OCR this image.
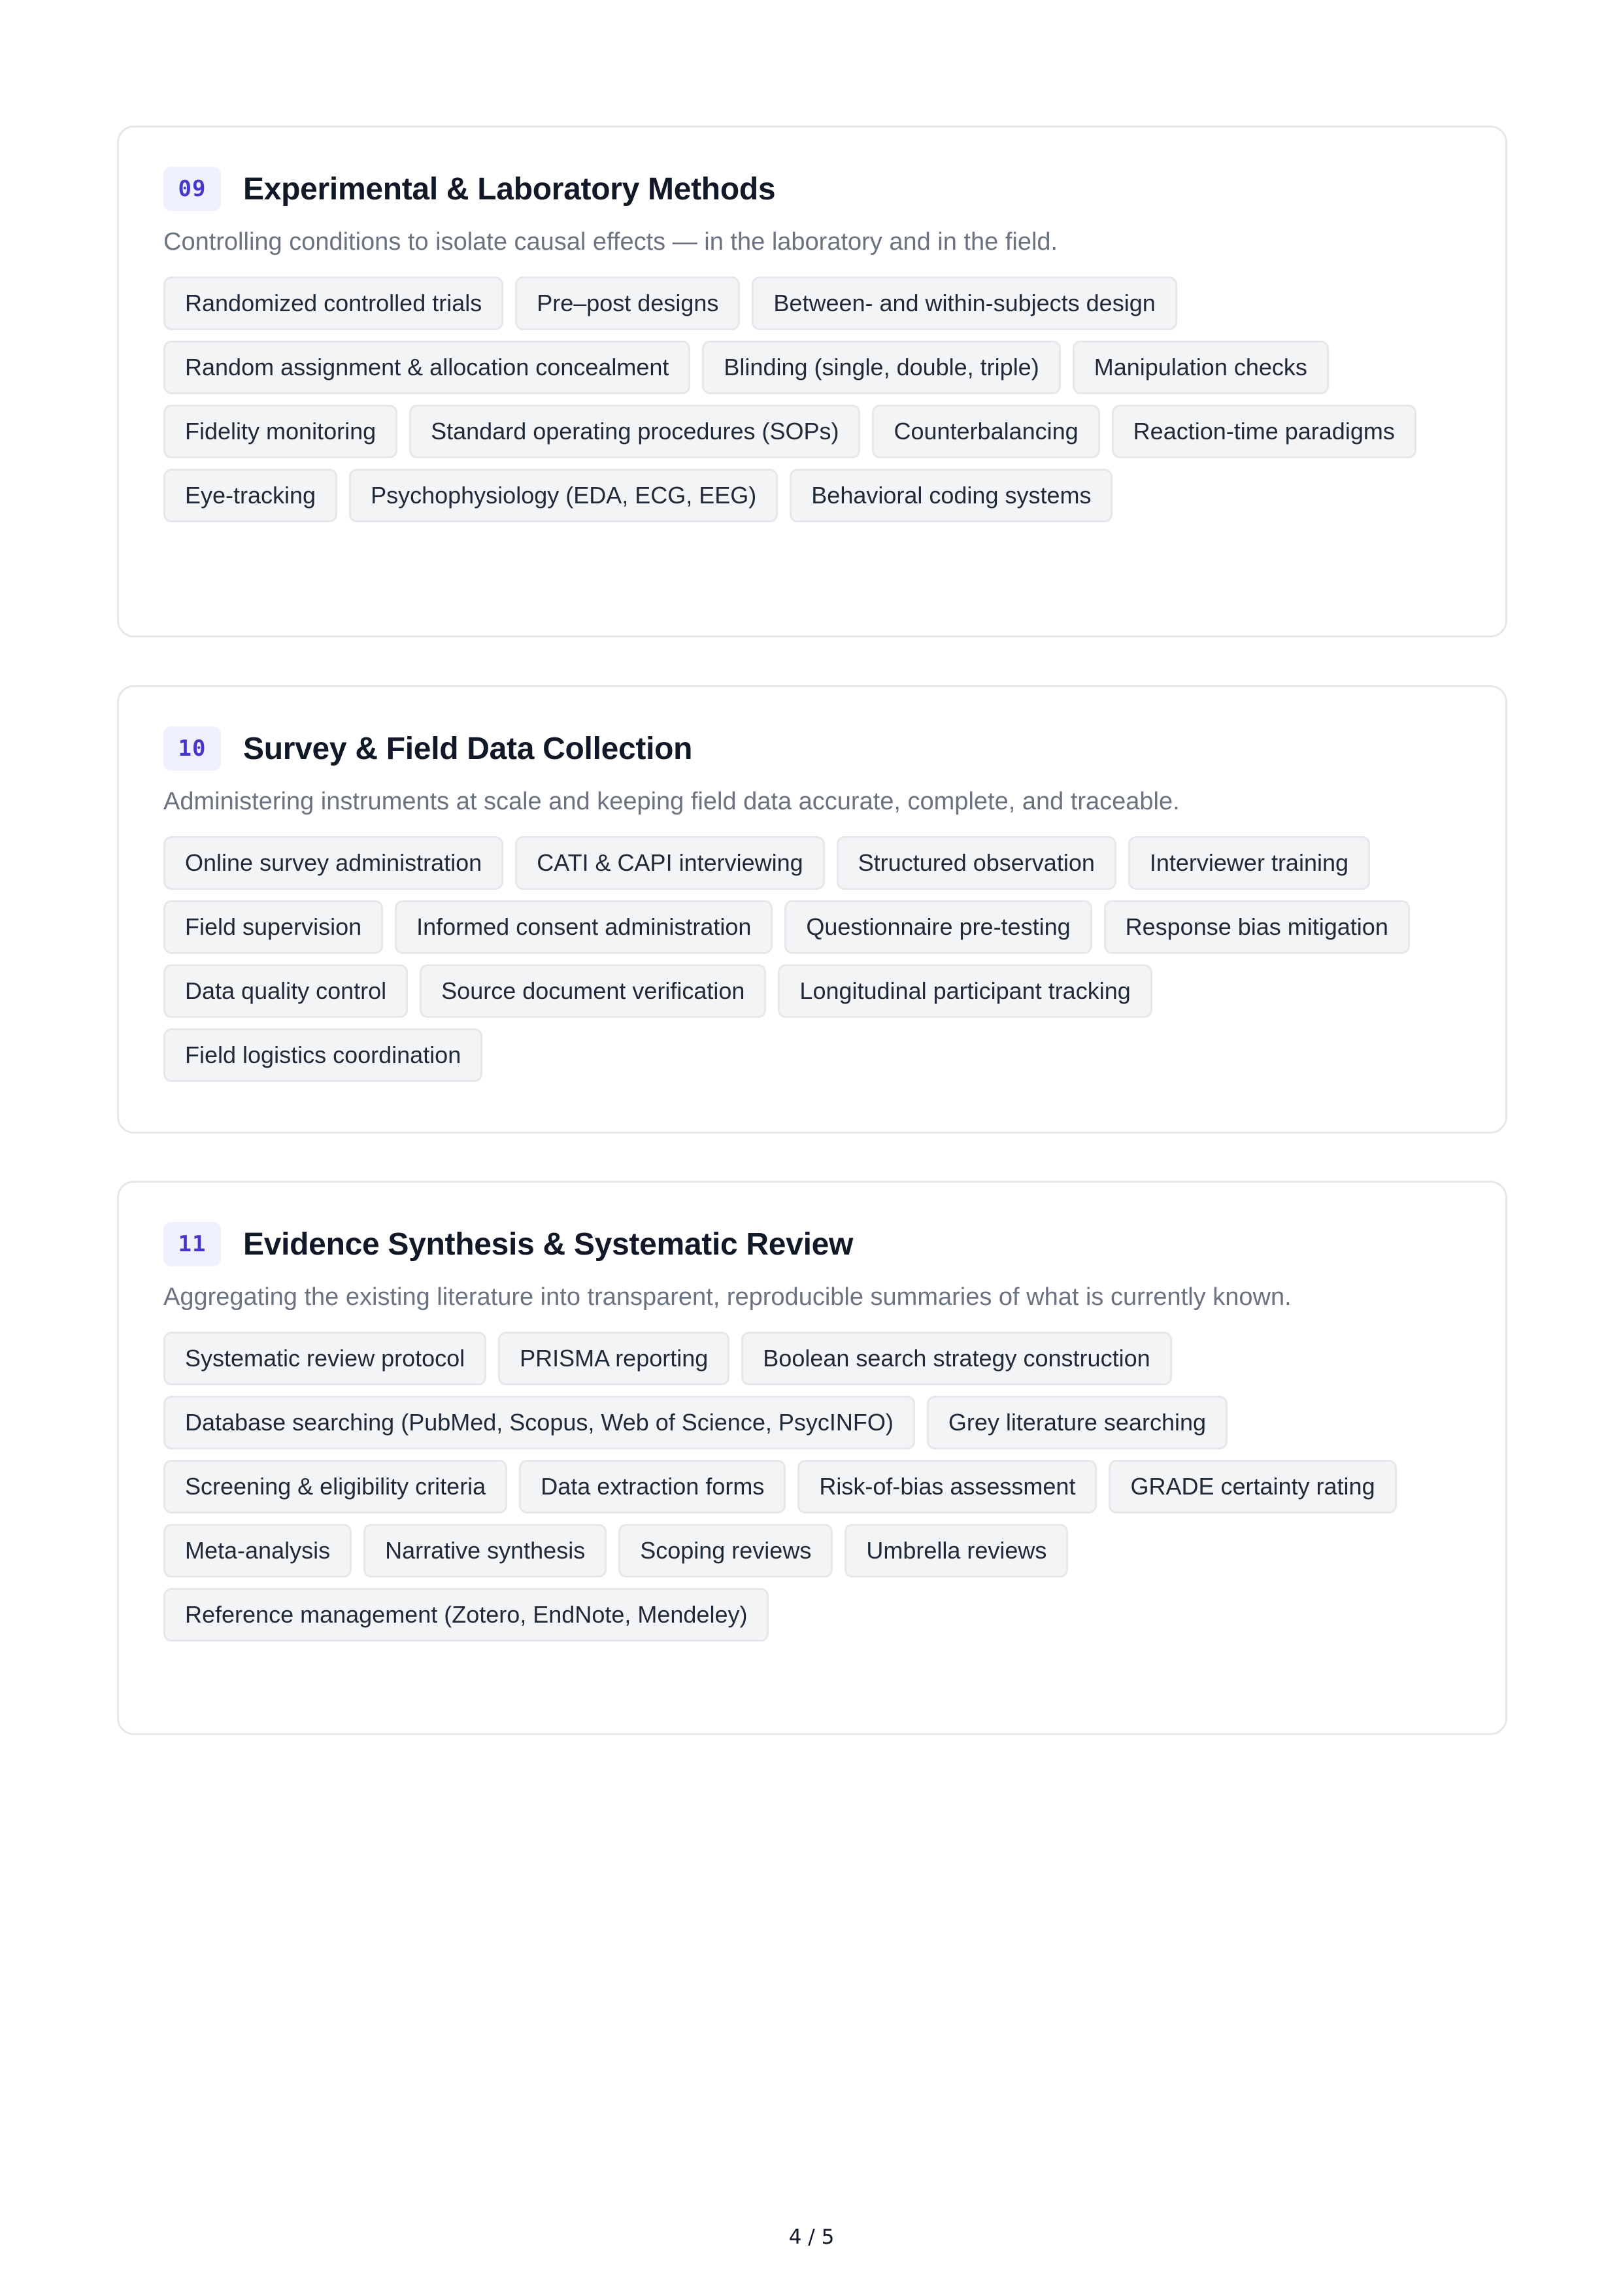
09	Experimental & Laboratory Methods

Controlling conditions to isolate causal effects — in the laboratory and in the field.

Randomized controlled trials	Pre–post designs	Between- and within-subjects design
Random assignment & allocation concealment	Blinding (single, double, triple)	Manipulation checks
Fidelity monitoring	Standard operating procedures (SOPs)	Counterbalancing	Reaction-time paradigms
Eye-tracking	Psychophysiology (EDA, ECG, EEG)	Behavioral coding systems
10	Survey & Field Data Collection

Administering instruments at scale and keeping field data accurate, complete, and traceable.

Online survey administration	CATI & CAPI interviewing	Structured observation	Interviewer training
Field supervision	Informed consent administration	Questionnaire pre-testing	Response bias mitigation
Data quality control	Source document verification	Longitudinal participant tracking
Field logistics coordination
11	Evidence Synthesis & Systematic Review

Aggregating the existing literature into transparent, reproducible summaries of what is currently known.

Systematic review protocol	PRISMA reporting	Boolean search strategy construction
Database searching (PubMed, Scopus, Web of Science, PsycINFO)	Grey literature searching
Screening & eligibility criteria	Data extraction forms	Risk-of-bias assessment	GRADE certainty rating
Meta-analysis	Narrative synthesis	Scoping reviews	Umbrella reviews
Reference management (Zotero, EndNote, Mendeley)
4 / 5
